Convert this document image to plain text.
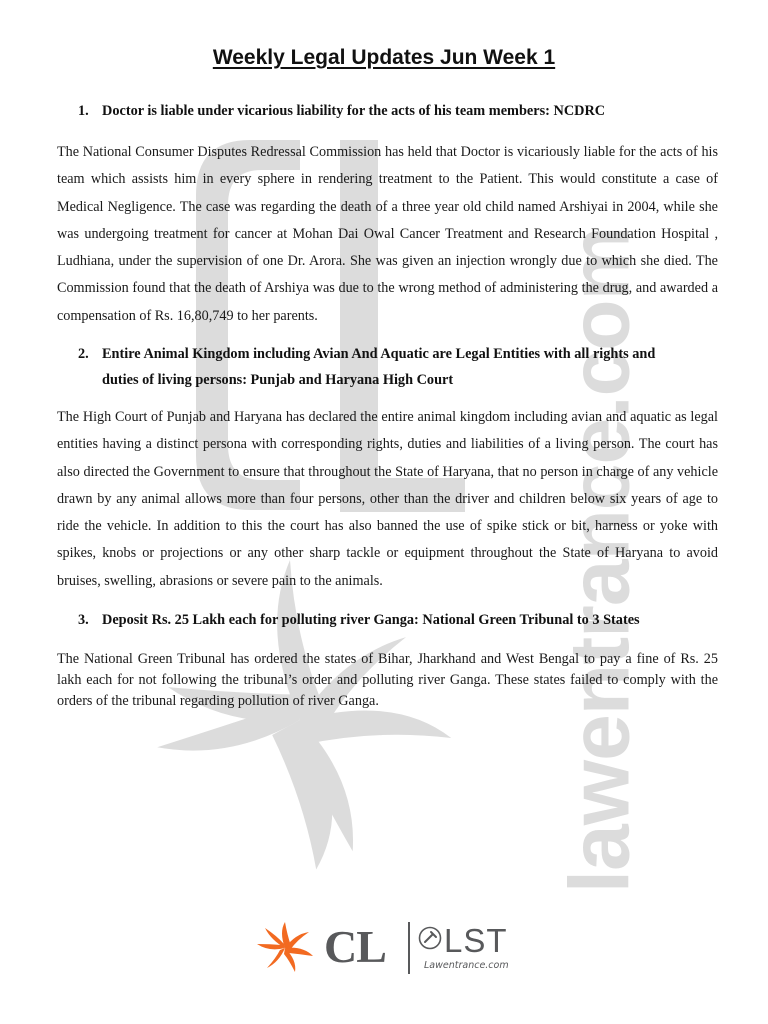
lawentrance.com
Weekly Legal Updates Jun Week 1
1. Doctor is liable under vicarious liability for the acts of his team members: NCDRC
The National Consumer Disputes Redressal Commission has held that Doctor is vicariously liable for the acts of his team which assists him in every sphere in rendering treatment to the Patient. This would constitute a case of Medical Negligence. The case was regarding the death of a three year old child named Arshiyai in 2004, while she was undergoing treatment for cancer at Mohan Dai Owal Cancer Treatment and Research Foundation Hospital , Ludhiana, under the supervision of one Dr. Arora. She was given an injection wrongly due to which she died. The Commission found that the death of Arshiya was due to the wrong method of administering the drug, and awarded a compensation of Rs. 16,80,749 to her parents.
2. Entire Animal Kingdom including Avian And Aquatic are Legal Entities with all rights and
duties of living persons: Punjab and Haryana High Court
The High Court of Punjab and Haryana has declared the entire animal kingdom including avian and aquatic as legal entities having a distinct persona with corresponding rights, duties and liabilities of a living person. The court has also directed the Government to ensure that throughout the State of Haryana, that no person in charge of any vehicle drawn by any animal allows more than four persons, other than the driver and children below six years of age to ride the vehicle. In addition to this the court has also banned the use of spike stick or bit, harness or yoke with spikes, knobs or projections or any other sharp tackle or equipment throughout the State of Haryana to avoid bruises, swelling, abrasions or severe pain to the animals.
3. Deposit Rs. 25 Lakh each for polluting river Ganga: National Green Tribunal to 3 States
The National Green Tribunal has ordered the states of Bihar, Jharkhand and West Bengal to pay a fine of Rs. 25 lakh each for not following the tribunal’s order and polluting river Ganga. These states failed to comply with the orders of the tribunal regarding pollution of river Ganga.
CL LST
Lawentrance.com
